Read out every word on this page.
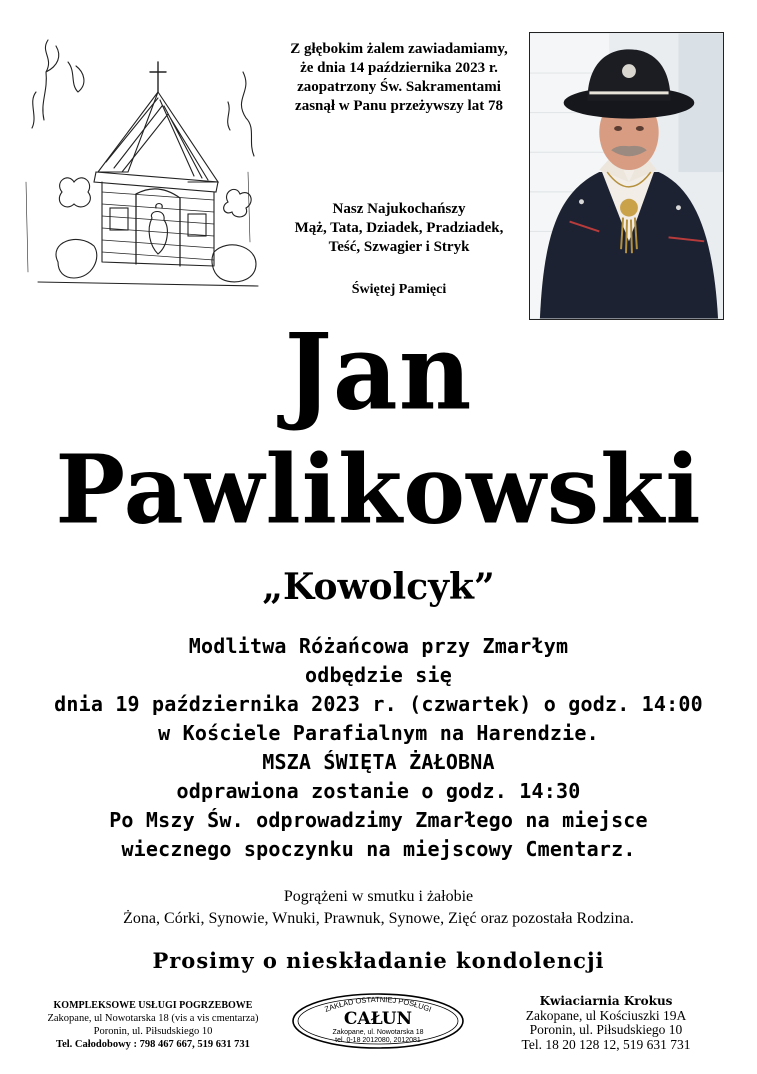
Z głębokim żalem zawiadamiamy,
że dnia 14 października 2023 r.
zaopatrzony Św. Sakramentami
zasnął w Panu przeżywszy lat 78
Nasz Najukochańszy
Mąż, Tata, Dziadek, Pradziadek,
Teść, Szwagier i Stryk
Świętej Pamięci
Jan
Pawlikowski
„Kowolcyk”
Modlitwa Różańcowa przy Zmarłym
odbędzie się
dnia 19 października 2023 r. (czwartek) o godz. 14:00
w Kościele Parafialnym na Harendzie.
MSZA ŚWIĘTA ŻAŁOBNA
odprawiona zostanie o godz. 14:30
Po Mszy Św. odprowadzimy Zmarłego na miejsce
wiecznego spoczynku na miejscowy Cmentarz.
Pogrążeni w smutku i żałobie
Żona, Córki, Synowie, Wnuki, Prawnuk, Synowe, Zięć oraz pozostała Rodzina.
Prosimy o nieskładanie kondolencji
KOMPLEKSOWE USŁUGI POGRZEBOWE
Zakopane, ul Nowotarska 18 (vis a vis cmentarza)
Poronin, ul. Piłsudskiego 10
Tel. Całodobowy : 798 467 667, 519 631 731
ZAKŁAD OSTATNIEJ POSŁUGI
CAŁUN
Zakopane, ul. Nowotarska 18
tel. 0-18 2012080, 2012081
Kwiaciarnia Krokus
Zakopane, ul Kościuszki 19A
Poronin, ul. Piłsudskiego 10
Tel. 18 20 128 12, 519 631 731
